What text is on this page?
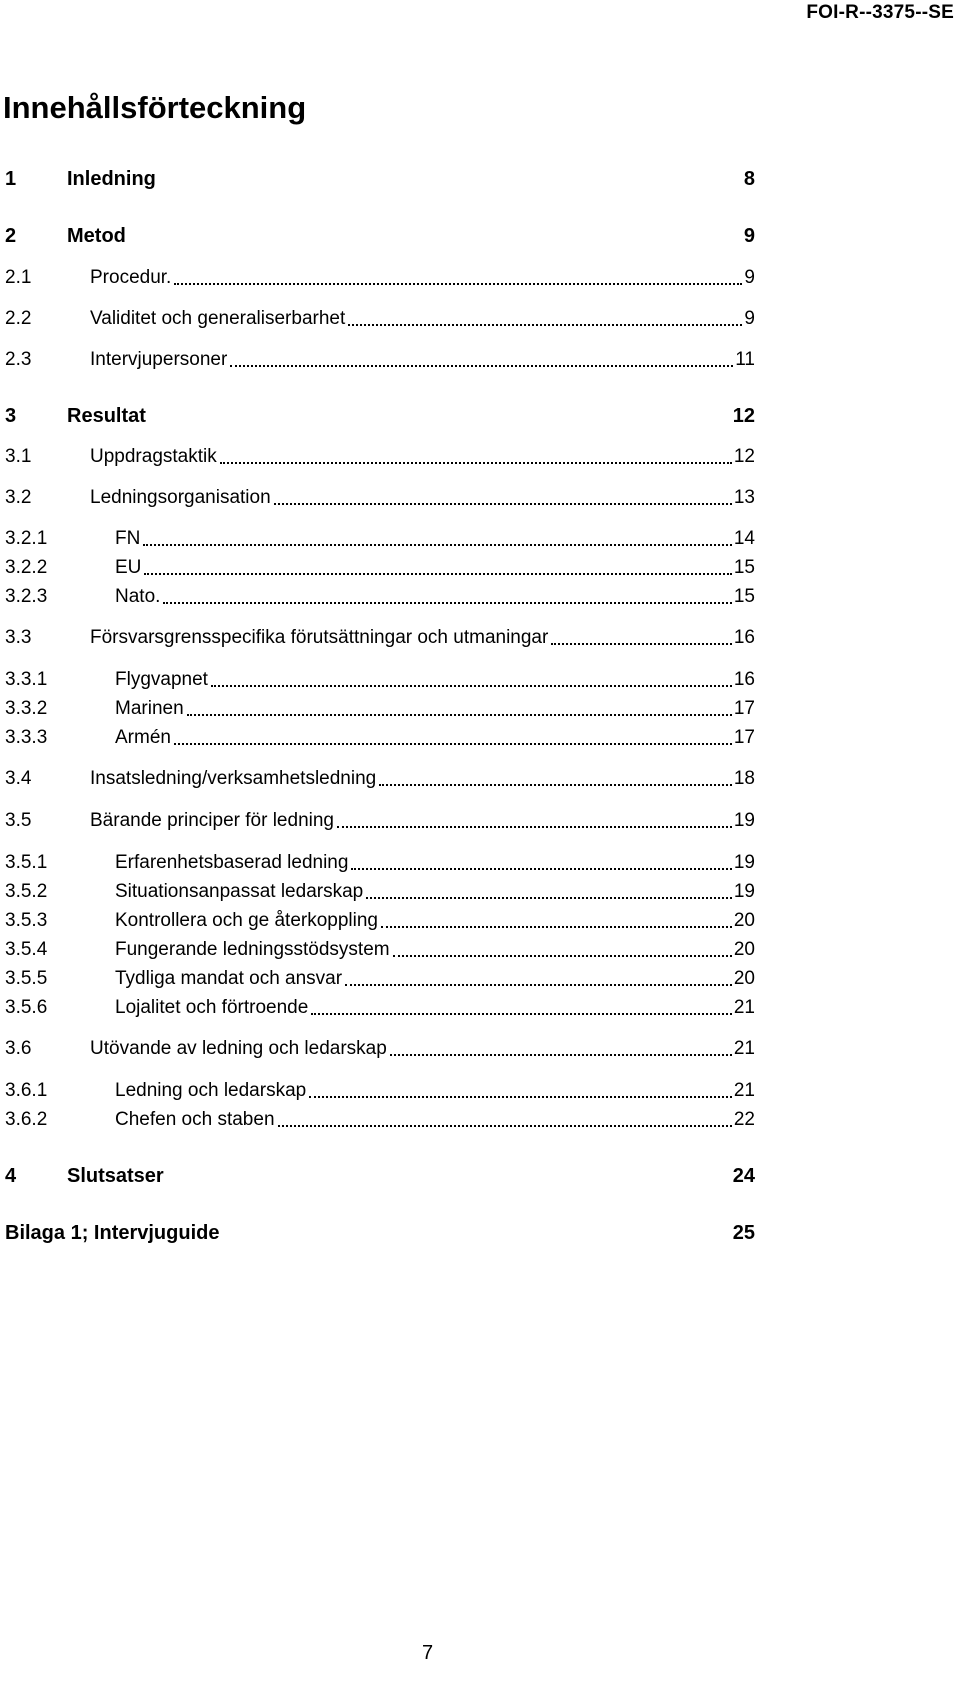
FOI-R--3375--SE
Innehållsförteckning
1	Inledning	8
2	Metod	9
2.1	Procedur.	9
2.2	Validitet och generaliserbarhet	9
2.3	Intervjupersoner	11
3	Resultat	12
3.1	Uppdragstaktik	12
3.2	Ledningsorganisation	13
3.2.1	FN	14
3.2.2	EU	15
3.2.3	Nato.	15
3.3	Försvarsgrensspecifika förutsättningar och utmaningar	16
3.3.1	Flygvapnet	16
3.3.2	Marinen	17
3.3.3	Armén	17
3.4	Insatsledning/verksamhetsledning	18
3.5	Bärande principer för ledning	19
3.5.1	Erfarenhetsbaserad ledning	19
3.5.2	Situationsanpassat ledarskap	19
3.5.3	Kontrollera och ge återkoppling	20
3.5.4	Fungerande ledningsstödsystem	20
3.5.5	Tydliga mandat och ansvar	20
3.5.6	Lojalitet och förtroende	21
3.6	Utövande av ledning och ledarskap	21
3.6.1	Ledning och ledarskap	21
3.6.2	Chefen och staben	22
4	Slutsatser	24
Bilaga 1; Intervjuguide	25
7
